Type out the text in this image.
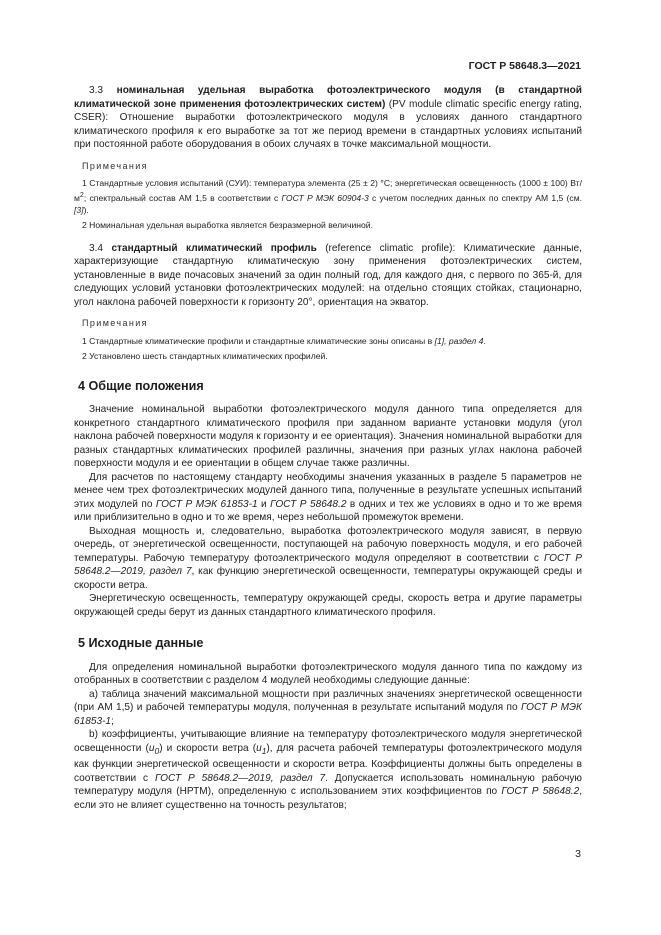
ГОСТ Р 58648.3—2021

3.3 номинальная удельная выработка фотоэлектрического модуля (в стандартной климатической зоне применения фотоэлектрических систем) (PV module climatic specific energy rating, CSER): Отношение выработки фотоэлектрического модуля в условиях данного стандартного климатического профиля к его выработке за тот же период времени в стандартных условиях испытаний при постоянной работе оборудования в обоих случаях в точке максимальной мощности.

Примечания

1 Стандартные условия испытаний (СУИ): температура элемента (25 ± 2) °С; энергетическая освещенность (1000 ± 100) $Вт/м^2$; спектральный состав АМ 1,5 в соответствии с ГОСТ Р МЭК 60904-3 с учетом последних данных по спектру АМ 1,5 (см. [3]).

2 Номинальная удельная выработка является безразмерной величиной.

3.4 стандартный климатический профиль (reference climatic profile): Климатические данные, характеризующие стандартную климатическую зону применения фотоэлектрических систем, установленные в виде почасовых значений за один полный год, для каждого дня, с первого по 365-й, для следующих условий установки фотоэлектрических модулей: на отдельно стоящих стойках, стационарно, угол наклона рабочей поверхности к горизонту 20°, ориентация на экватор.

Примечания

1 Стандартные климатические профили и стандартные климатические зоны описаны в [1], раздел 4.

2 Установлено шесть стандартных климатических профилей.

4 Общие положения

Значение номинальной выработки фотоэлектрического модуля данного типа определяется для конкретного стандартного климатического профиля при заданном варианте установки модуля (угол наклона рабочей поверхности модуля к горизонту и ее ориентация). Значения номинальной выработки для разных стандартных климатических профилей различны, значения при разных углах наклона рабочей поверхности модуля и ее ориентации в общем случае также различны.

Для расчетов по настоящему стандарту необходимы значения указанных в разделе 5 параметров не менее чем трех фотоэлектрических модулей данного типа, полученные в результате успешных испытаний этих модулей по ГОСТ Р МЭК 61853-1 и ГОСТ Р 58648.2 в одних и тех же условиях в одно и то же время или приблизительно в одно и то же время, через небольшой промежуток времени.

Выходная мощность и, следовательно, выработка фотоэлектрического модуля зависят, в первую очередь, от энергетической освещенности, поступающей на рабочую поверхность модуля, и его рабочей температуры. Рабочую температуру фотоэлектрического модуля определяют в соответствии с ГОСТ Р 58648.2—2019, раздел 7, как функцию энергетической освещенности, температуры окружающей среды и скорости ветра.

Энергетическую освещенность, температуру окружающей среды, скорость ветра и другие параметры окружающей среды берут из данных стандартного климатического профиля.

5 Исходные данные

Для определения номинальной выработки фотоэлектрического модуля данного типа по каждому из отобранных в соответствии с разделом 4 модулей необходимы следующие данные:

а) таблица значений максимальной мощности при различных значениях энергетической освещенности (при АМ 1,5) и рабочей температуры модуля, полученная в результате испытаний модуля по ГОСТ Р МЭК 61853-1;

b) коэффициенты, учитывающие влияние на температуру фотоэлектрического модуля энергетической освещенности $(u_0)$ и скорости ветра $(u_1)$, для расчета рабочей температуры фотоэлектрического модуля как функции энергетической освещенности и скорости ветра. Коэффициенты должны быть определены в соответствии с ГОСТ Р 58648.2—2019, раздел 7. Допускается использовать номинальную рабочую температуру модуля (НРТМ), определенную с использованием этих коэффициентов по ГОСТ Р 58648.2, если это не влияет существенно на точность результатов;

3
